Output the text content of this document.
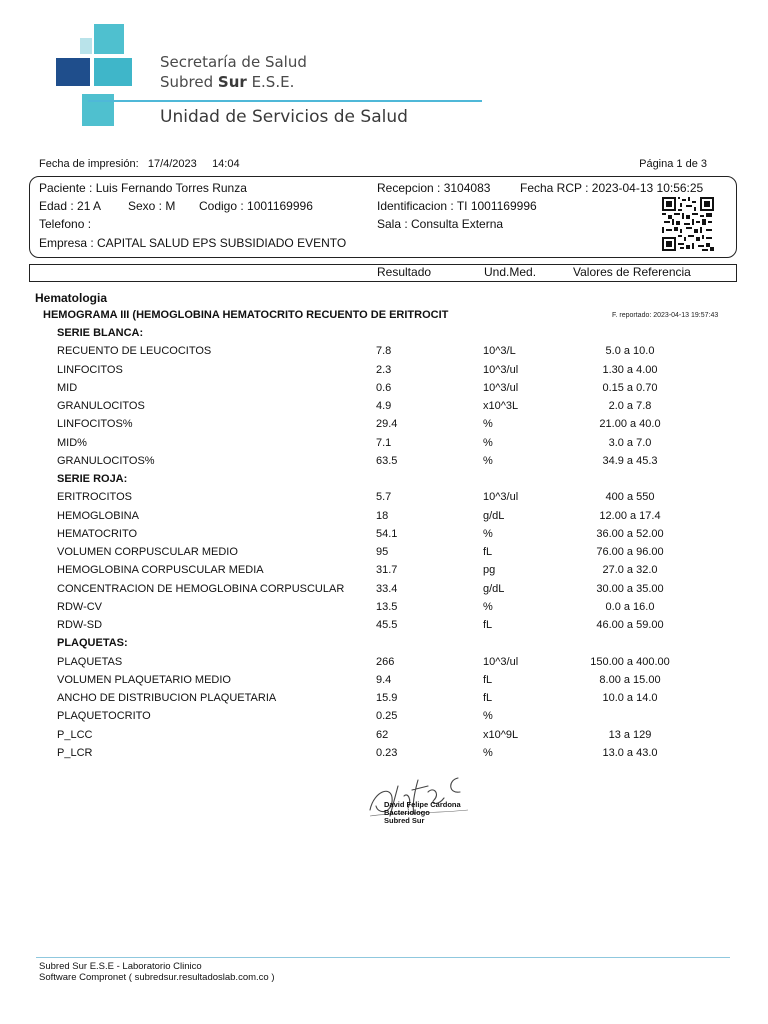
Secretaría de Salud
Subred Sur E.S.E.
Unidad de Servicios de Salud
Fecha de impresión: 17/4/2023 14:04	Página 1 de 3
Paciente : Luis Fernando Torres Runza
Edad : 21 A Sexo : M Codigo : 1001169996
Telefono :
Empresa : CAPITAL SALUD EPS SUBSIDIADO EVENTO
Recepcion : 3104083 Fecha RCP : 2023-04-13 10:56:25
Identificacion : TI 1001169996
Sala : Consulta Externa
Resultado	Und.Med.	Valores de Referencia
Hematologia
HEMOGRAMA III (HEMOGLOBINA HEMATOCRITO RECUENTO DE ERITROCIT	F. reportado: 2023-04-13 19:57:43
SERIE BLANCA:
RECUENTO DE LEUCOCITOS	7.8	10^3/L	5.0 a 10.0
LINFOCITOS	2.3	10^3/ul	1.30 a 4.00
MID	0.6	10^3/ul	0.15 a 0.70
GRANULOCITOS	4.9	x10^3L	2.0 a 7.8
LINFOCITOS%	29.4	%	21.00 a 40.0
MID%	7.1	%	3.0 a 7.0
GRANULOCITOS%	63.5	%	34.9 a 45.3
SERIE ROJA:
ERITROCITOS	5.7	10^3/ul	400 a 550
HEMOGLOBINA	18	g/dL	12.00 a 17.4
HEMATOCRITO	54.1	%	36.00 a 52.00
VOLUMEN CORPUSCULAR MEDIO	95	fL	76.00 a 96.00
HEMOGLOBINA CORPUSCULAR MEDIA	31.7	pg	27.0 a 32.0
CONCENTRACION DE HEMOGLOBINA CORPUSCULAR	33.4	g/dL	30.00 a 35.00
RDW-CV	13.5	%	0.0 a 16.0
RDW-SD	45.5	fL	46.00 a 59.00
PLAQUETAS:
PLAQUETAS	266	10^3/ul	150.00 a 400.00
VOLUMEN PLAQUETARIO MEDIO	9.4	fL	8.00 a 15.00
ANCHO DE DISTRIBUCION PLAQUETARIA	15.9	fL	10.0 a 14.0
PLAQUETOCRITO	0.25	%
P_LCC	62	x10^9L	13 a 129
P_LCR	0.23	%	13.0 a 43.0
David Felipe Cardona
Bacteriologo
Subred Sur
Subred Sur E.S.E - Laboratorio Clinico
Software Compronet ( subredsur.resultadoslab.com.co )
